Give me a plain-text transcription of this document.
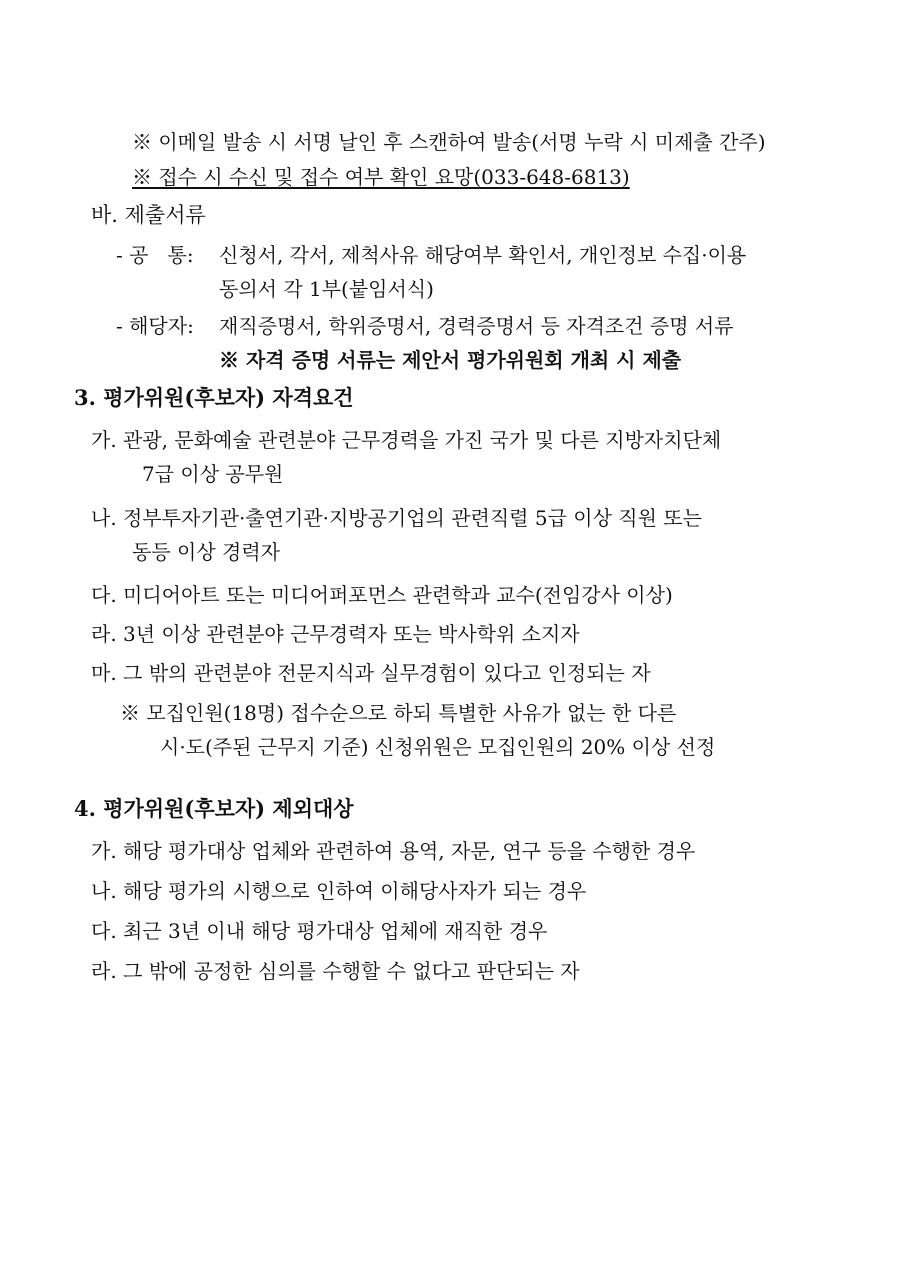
※ 이메일 발송 시 서명 날인 후 스캔하여 발송(서명 누락 시 미제출 간주)
※ 접수 시 수신 및 접수 여부 확인 요망(033-648-6813)
바. 제출서류
- 공   통: 신청서, 각서, 제척사유 해당여부 확인서, 개인정보 수집·이용
동의서 각 1부(붙임서식)
- 해당자: 재직증명서, 학위증명서, 경력증명서 등 자격조건 증명 서류
※ 자격 증명 서류는 제안서 평가위원회 개최 시 제출
3. 평가위원(후보자) 자격요건
가. 관광, 문화예술 관련분야 근무경력을 가진 국가 및 다른 지방자치단체
7급 이상 공무원
나. 정부투자기관·출연기관·지방공기업의 관련직렬 5급 이상 직원 또는
동등 이상 경력자
다. 미디어아트 또는 미디어퍼포먼스 관련학과 교수(전임강사 이상)
라. 3년 이상 관련분야 근무경력자 또는 박사학위 소지자
마. 그 밖의 관련분야 전문지식과 실무경험이 있다고 인정되는 자
※ 모집인원(18명) 접수순으로 하되 특별한 사유가 없는 한 다른
시·도(주된 근무지 기준) 신청위원은 모집인원의 20% 이상 선정
4. 평가위원(후보자) 제외대상
가. 해당 평가대상 업체와 관련하여 용역, 자문, 연구 등을 수행한 경우
나. 해당 평가의 시행으로 인하여 이해당사자가 되는 경우
다. 최근 3년 이내 해당 평가대상 업체에 재직한 경우
라. 그 밖에 공정한 심의를 수행할 수 없다고 판단되는 자
